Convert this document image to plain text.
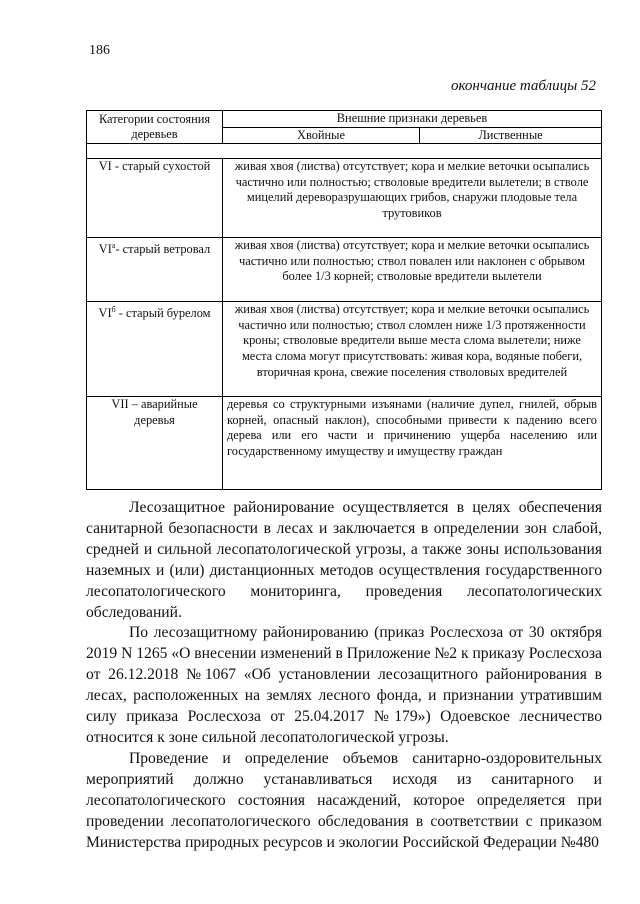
186
окончание таблицы 52
Категории состояния деревьев	Внешние признаки деревьев	
	Хвойные	Лиственные

VI - старый сухостой	живая хвоя (листва) отсутствует; кора и мелкие веточки осыпались частично или полностью; стволовые вредители вылетели; в стволе мицелий дереворазрушающих грибов, снаружи плодовые тела трутовиков	
$VI^а-$ старый ветровал	живая хвоя (листва) отсутствует; кора и мелкие веточки осыпались частично или полностью; ствол повален или наклонен с обрывом более 1/3 корней; стволовые вредители вылетели	
$VI^б$ - старый бурелом	живая хвоя (листва) отсутствует; кора и мелкие веточки осыпались частично или полностью; ствол сломлен ниже 1/3 протяженности кроны; стволовые вредители выше места слома вылетели; ниже места слома могут присутствовать: живая кора, водяные побеги, вторичная крона, свежие поселения стволовых вредителей	
VII – аварийные деревья	деревья со структурными изъянами (наличие дупел, гнилей, обрыв корней, опасный наклон), способными привести к падению всего дерева или его части и причинению ущерба населению или государственному имуществу и имуществу граждан	

Лесозащитное районирование осуществляется в целях обеспечения санитарной безопасности в лесах и заключается в определении зон слабой, средней и сильной лесопатологической угрозы, а также зоны использования наземных и (или) дистанционных методов осуществления государственного лесопатологического мониторинга, проведения лесопатологических обследований.

По лесозащитному районированию (приказ Рослесхоза от 30 октября 2019 N 1265 «О внесении изменений в Приложение №2 к приказу Рослесхоза от 26.12.2018 №1067 «Об установлении лесозащитного районирования в лесах, расположенных на землях лесного фонда, и признании утратившим силу приказа Рослесхоза от 25.04.2017 №179») Одоевское лесничество относится к зоне сильной лесопатологической угрозы.

Проведение и определение объемов санитарно-оздоровительных мероприятий должно устанавливаться исходя из санитарного и лесопатологического состояния насаждений, которое определяется при проведении лесопатологического обследования в соответствии с приказом Министерства природных ресурсов и экологии Российской Федерации №480
